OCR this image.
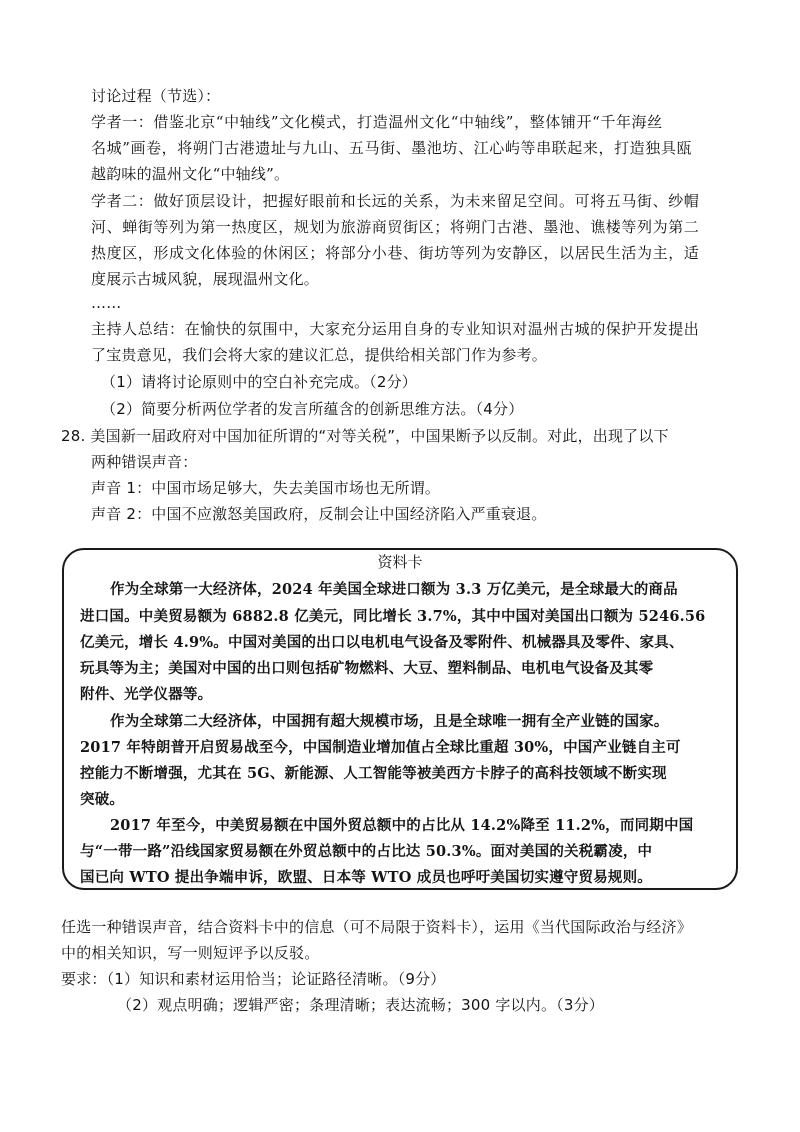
讨论过程（节选）：
学者一：借鉴北京“中轴线”文化模式，打造温州文化“中轴线”，整体铺开“千年海丝
名城”画卷，将朔门古港遗址与九山、五马街、墨池坊、江心屿等串联起来，打造独具瓯
越韵味的温州文化“中轴线”。
学者二：做好顶层设计，把握好眼前和长远的关系，为未来留足空间。可将五马街、纱帽
河、蝉街等列为第一热度区，规划为旅游商贸街区；将朔门古港、墨池、谯楼等列为第二
热度区，形成文化体验的休闲区；将部分小巷、街坊等列为安静区，以居民生活为主，适
度展示古城风貌，展现温州文化。
……
主持人总结：在愉快的氛围中，大家充分运用自身的专业知识对温州古城的保护开发提出
了宝贵意见，我们会将大家的建议汇总，提供给相关部门作为参考。
（1）请将讨论原则中的空白补充完成。（2分）
（2）简要分析两位学者的发言所蕴含的创新思维方法。（4分）
28. 美国新一届政府对中国加征所谓的“对等关税”，中国果断予以反制。对此，出现了以下
两种错误声音：
声音 1：中国市场足够大，失去美国市场也无所谓。
声音 2：中国不应激怒美国政府，反制会让中国经济陷入严重衰退。
资料卡
作为全球第一大经济体，2024 年美国全球进口额为 3.3 万亿美元，是全球最大的商品
进口国。中美贸易额为 6882.8 亿美元，同比增长 3.7%，其中中国对美国出口额为 5246.56
亿美元，增长 4.9%。中国对美国的出口以电机电气设备及零附件、机械器具及零件、家具、
玩具等为主；美国对中国的出口则包括矿物燃料、大豆、塑料制品、电机电气设备及其零
附件、光学仪器等。
作为全球第二大经济体，中国拥有超大规模市场，且是全球唯一拥有全产业链的国家。
2017 年特朗普开启贸易战至今，中国制造业增加值占全球比重超 30%，中国产业链自主可
控能力不断增强，尤其在 5G、新能源、人工智能等被美西方卡脖子的高科技领域不断实现
突破。
2017 年至今，中美贸易额在中国外贸总额中的占比从 14.2%降至 11.2%，而同期中国
与“一带一路”沿线国家贸易额在外贸总额中的占比达 50.3%。面对美国的关税霸凌，中
国已向 WTO 提出争端申诉，欧盟、日本等 WTO 成员也呼吁美国切实遵守贸易规则。
任选一种错误声音，结合资料卡中的信息（可不局限于资料卡），运用《当代国际政治与经济》
中的相关知识，写一则短评予以反驳。
要求：（1）知识和素材运用恰当；论证路径清晰。（9分）
（2）观点明确；逻辑严密；条理清晰；表达流畅；300 字以内。（3分）
